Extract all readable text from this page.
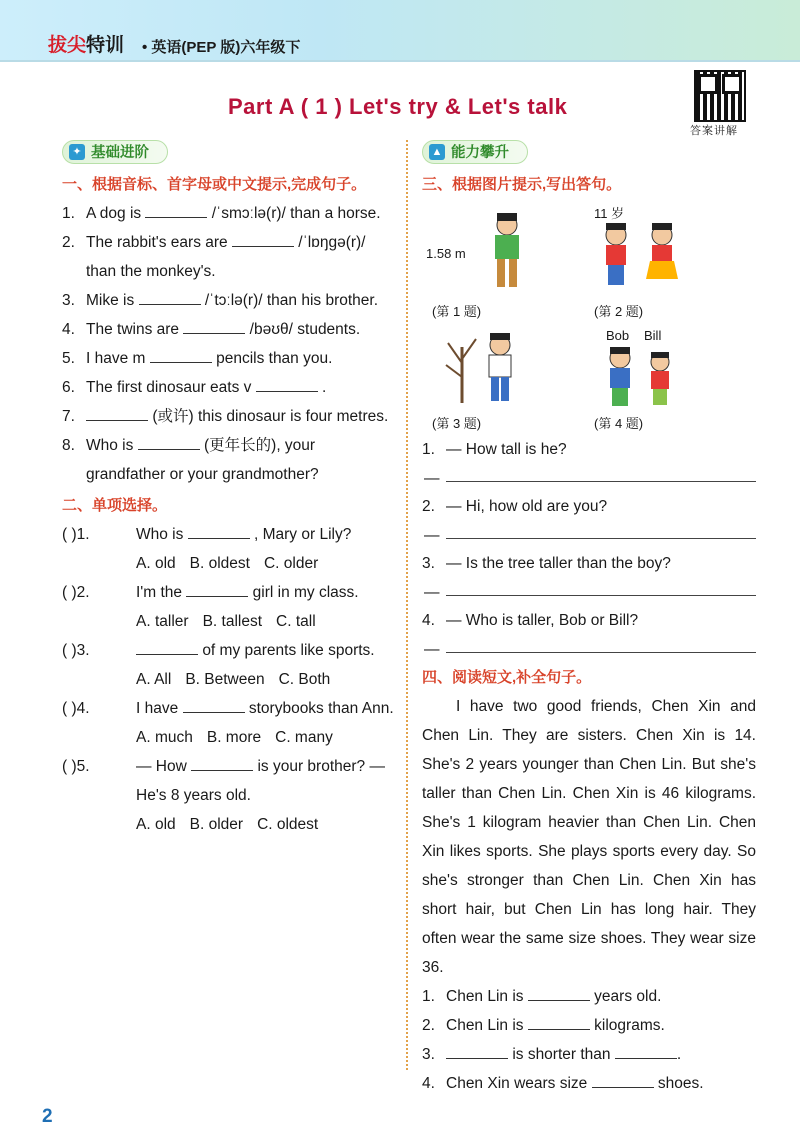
拔尖特训 • 英语(PEP 版)六年级下
Part A ( 1 ) Let's try & Let's talk
答案讲解
✦ 基础进阶
一、根据音标、首字母或中文提示,完成句子。
1. A dog is	/ˈsmɔːlə(r)/ than a horse.
2. The rabbit's ears are	/ˈlɒŋgə(r)/ than the monkey's.
3. Mike is	/ˈtɔːlə(r)/ than his brother.
4. The twins are	/bəʊθ/ students.
5. I have m	pencils than you.
6. The first dinosaur eats v	.
7.	(或许) this dinosaur is four metres.
8. Who is	(更年长的), your grandfather or your grandmother?
二、单项选择。
( )1.	Who is	, Mary or Lily?
A. old B. oldest C. older
( )2.	I'm the	girl in my class.
A. taller B. tallest C. tall
( )3.	of my parents like sports.
A. All B. Between C. Both
( )4.	I have	storybooks than Ann.
A. much B. more C. many
( )5.	— How	is your brother? — He's 8 years old.
A. old B. older C. oldest
▲ 能力攀升
三、根据图片提示,写出答句。
1.58 m
(第 1 题)
11 岁
(第 2 题)
(第 3 题)
Bob Bill
(第 4 题)
1. — How tall is he?
—
2. — Hi, how old are you?
—
3. — Is the tree taller than the boy?
—
4. — Who is taller, Bob or Bill?
—
四、阅读短文,补全句子。
I have two good friends, Chen Xin and Chen Lin. They are sisters. Chen Xin is 14. She's 2 years younger than Chen Lin. But she's taller than Chen Lin. Chen Xin is 46 kilograms. She's 1 kilogram heavier than Chen Lin. Chen Xin likes sports. She plays sports every day. So she's stronger than Chen Lin. Chen Xin has short hair, but Chen Lin has long hair. They often wear the same size shoes. They wear size 36.
1. Chen Lin is	years old.
2. Chen Lin is	kilograms.
3.	is shorter than	.
4. Chen Xin wears size	shoes.
2
